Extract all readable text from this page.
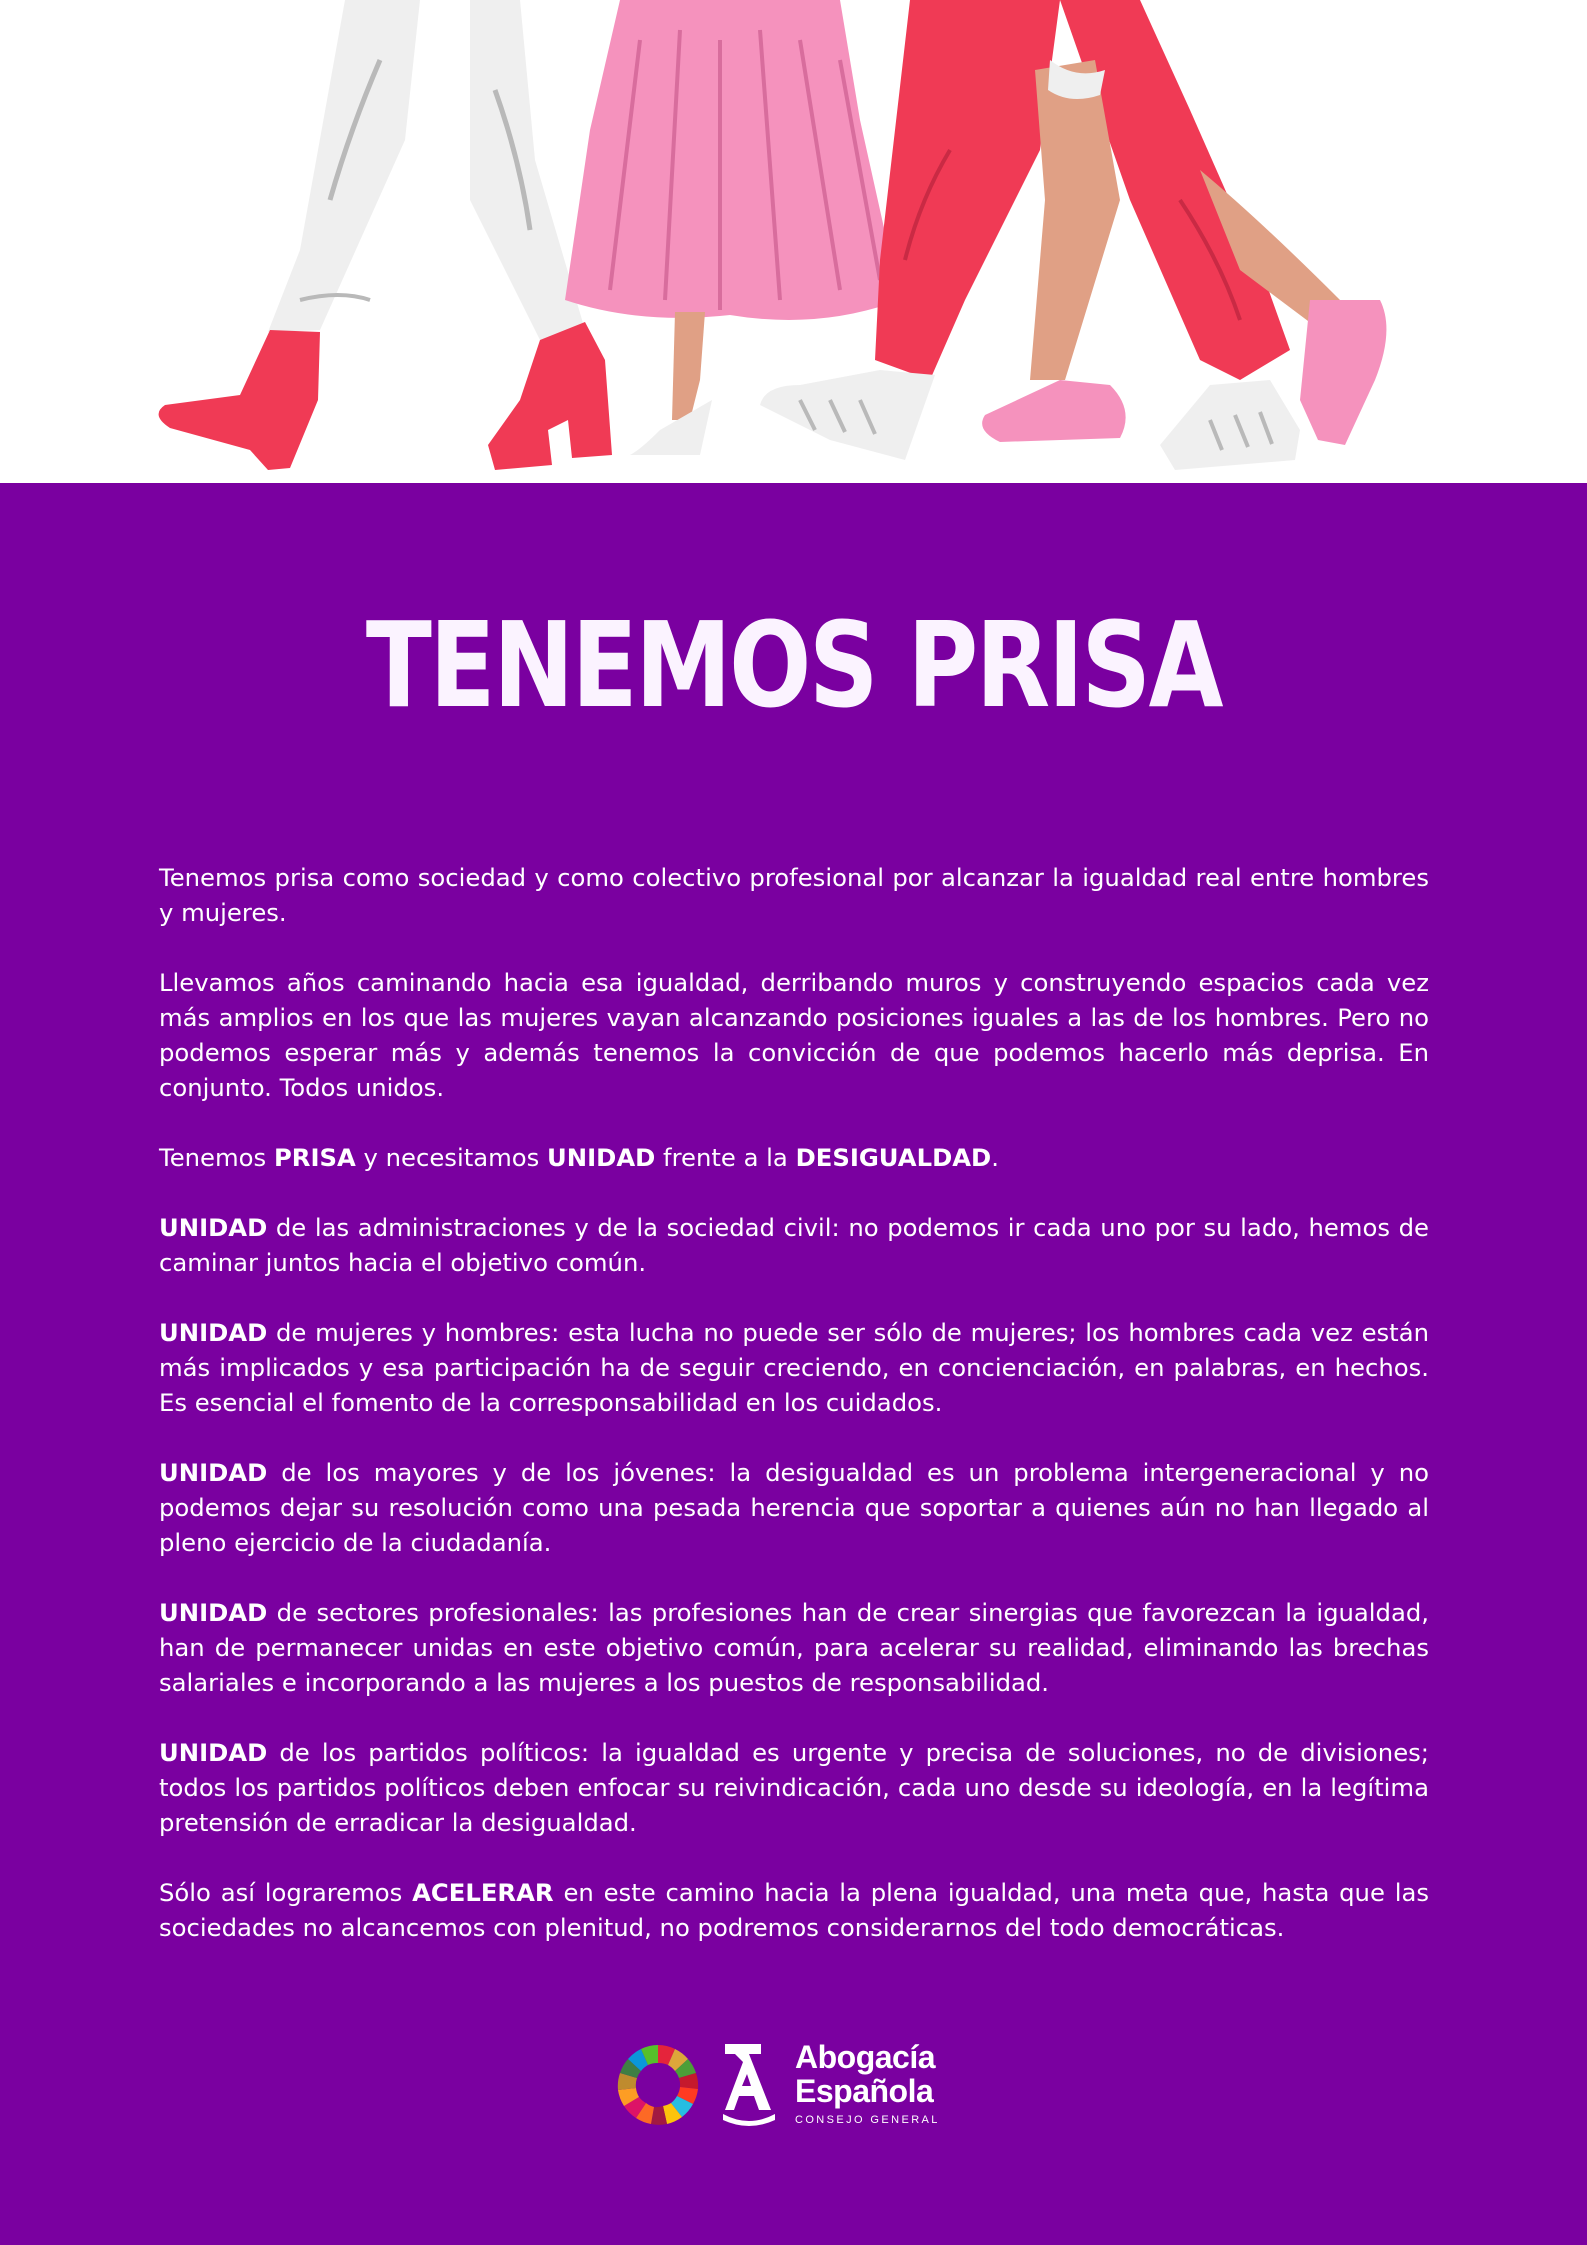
TENEMOS PRISA

Tenemos prisa como sociedad y como colectivo profesional por alcanzar la igualdad real entre hombres y mujeres.

Llevamos años caminando hacia esa igualdad, derribando muros y construyendo espacios cada vez más amplios en los que las mujeres vayan alcanzando posiciones iguales a las de los hombres. Pero no podemos esperar más y además tenemos la convicción de que podemos hacerlo más deprisa. En conjunto. Todos unidos.

Tenemos PRISA y necesitamos UNIDAD frente a la DESIGUALDAD.

UNIDAD de las administraciones y de la sociedad civil: no podemos ir cada uno por su lado, hemos de caminar juntos hacia el objetivo común.

UNIDAD de mujeres y hombres: esta lucha no puede ser sólo de mujeres; los hombres cada vez están más implicados y esa participación ha de seguir creciendo, en concienciación, en palabras, en hechos. Es esencial el fomento de la corresponsabilidad en los cuidados.

UNIDAD de los mayores y de los jóvenes: la desigualdad es un problema intergeneracional y no podemos dejar su resolución como una pesada herencia que soportar a quienes aún no han llegado al pleno ejercicio de la ciudadanía.

UNIDAD de sectores profesionales: las profesiones han de crear sinergias que favorezcan la igualdad, han de permanecer unidas en este objetivo común, para acelerar su realidad, eliminando las brechas salariales e incorporando a las mujeres a los puestos de responsabilidad.

UNIDAD de los partidos políticos: la igualdad es urgente y precisa de soluciones, no de divisiones; todos los partidos políticos deben enfocar su reivindicación, cada uno desde su ideología, en la legítima pretensión de erradicar la desigualdad.

Sólo así lograremos ACELERAR en este camino hacia la plena igualdad, una meta que, hasta que las sociedades no alcancemos con plenitud, no podremos considerarnos del todo democráticas.

Abogacía
Española
CONSEJO GENERAL
